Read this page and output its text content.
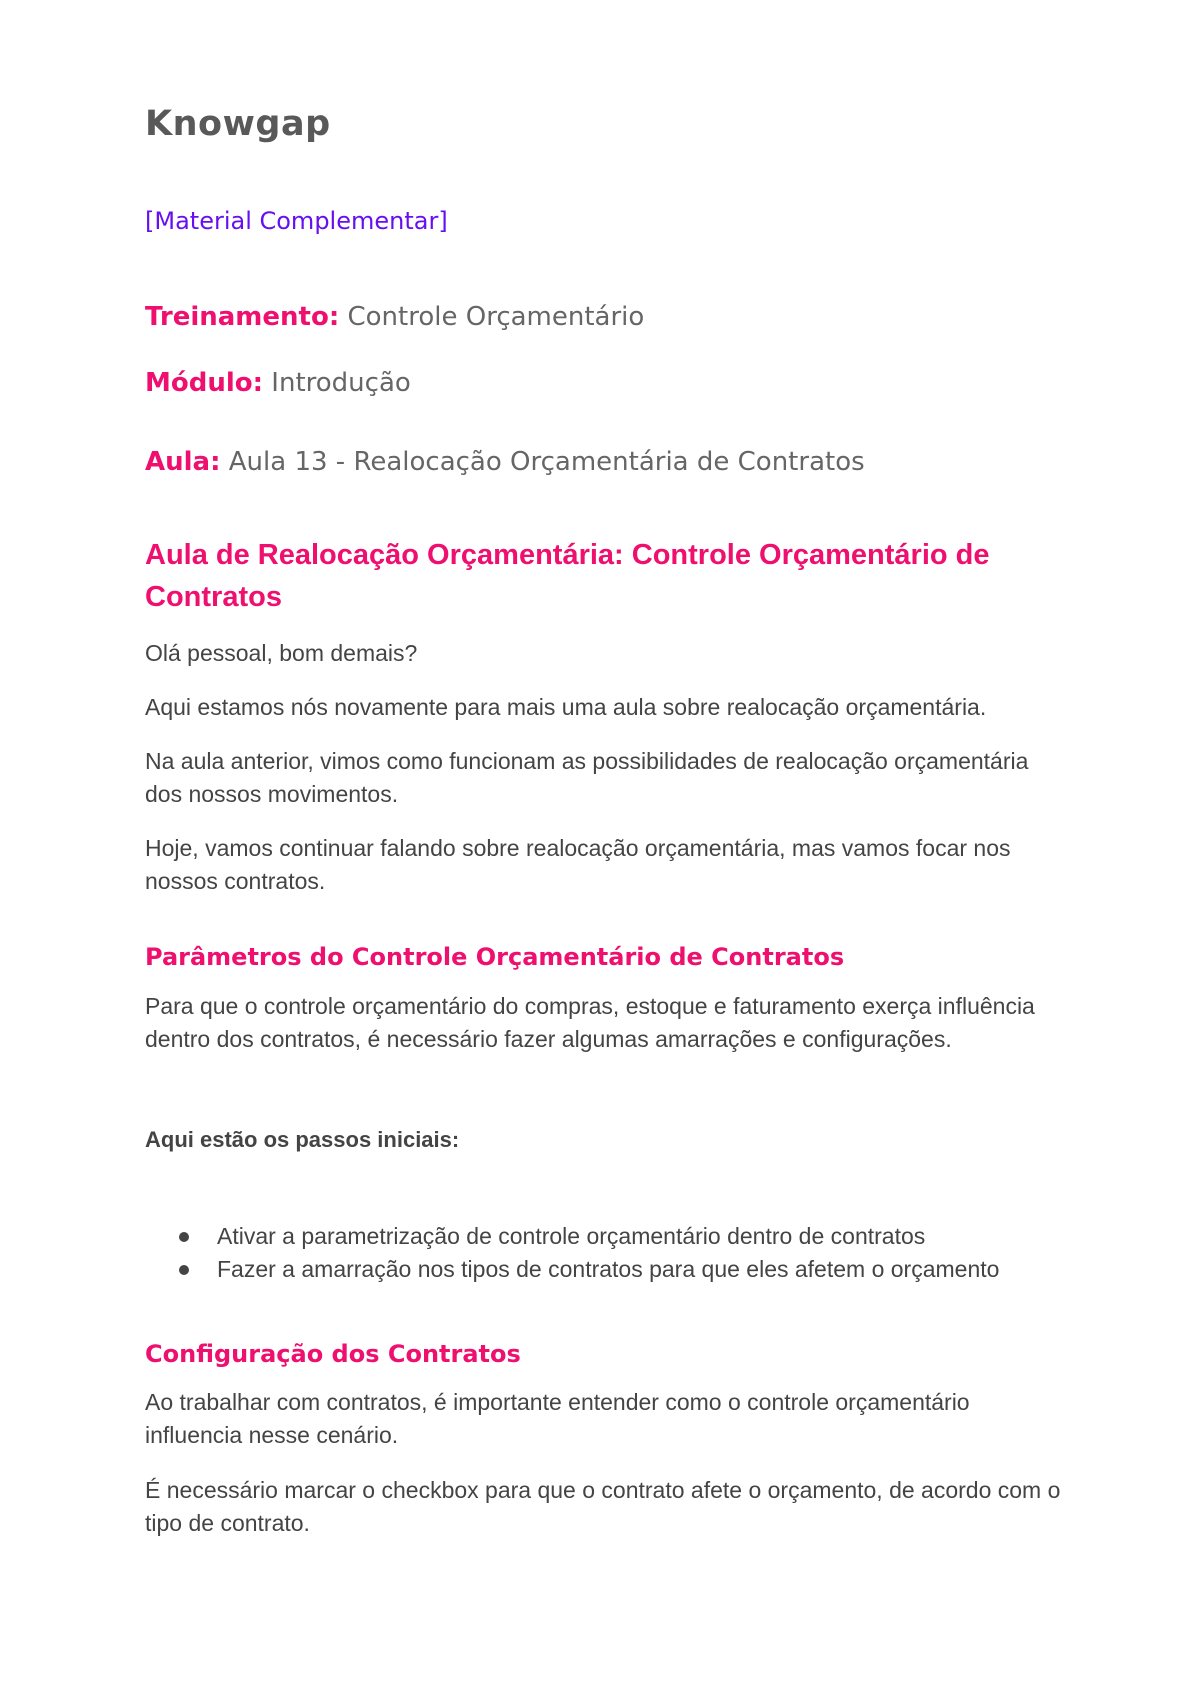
Knowgap

[Material Complementar]

Treinamento: Controle Orçamentário

Módulo: Introdução

Aula: Aula 13 - Realocação Orçamentária de Contratos

Aula de Realocação Orçamentária: Controle Orçamentário de Contratos

Olá pessoal, bom demais?

Aqui estamos nós novamente para mais uma aula sobre realocação orçamentária.

Na aula anterior, vimos como funcionam as possibilidades de realocação orçamentária dos nossos movimentos.

Hoje, vamos continuar falando sobre realocação orçamentária, mas vamos focar nos nossos contratos.

Parâmetros do Controle Orçamentário de Contratos

Para que o controle orçamentário do compras, estoque e faturamento exerça influência dentro dos contratos, é necessário fazer algumas amarrações e configurações.

Aqui estão os passos iniciais:

Ativar a parametrização de controle orçamentário dentro de contratos
Fazer a amarração nos tipos de contratos para que eles afetem o orçamento
Configuração dos Contratos

Ao trabalhar com contratos, é importante entender como o controle orçamentário influencia nesse cenário.

É necessário marcar o checkbox para que o contrato afete o orçamento, de acordo com o tipo de contrato.
